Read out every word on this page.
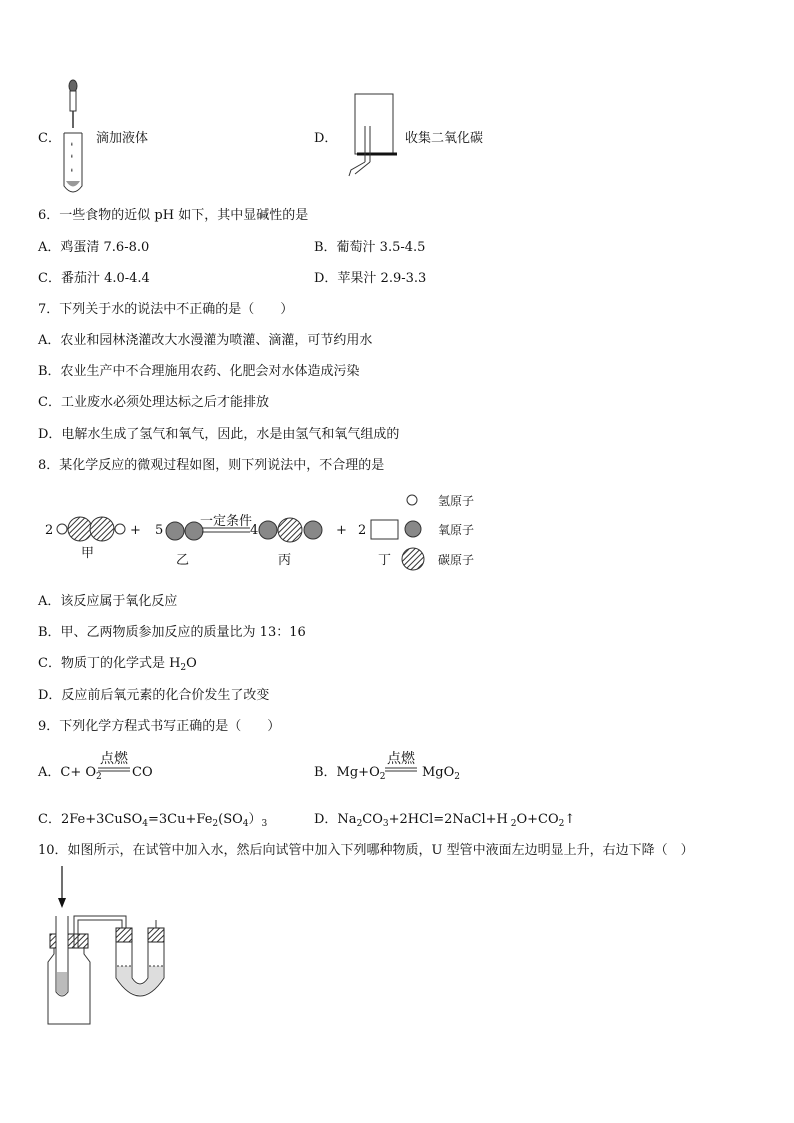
C．	滴加液体	D．	收集二氧化碳
6．一些食物的近似 pH 如下，其中显碱性的是
A．鸡蛋清 7.6-8.0	B．葡萄汁 3.5-4.5
C．番茄汁 4.0-4.4	D．苹果汁 2.9-3.3
7．下列关于水的说法中不正确的是（　　）
A．农业和园林浇灌改大水漫灌为喷灌、滴灌，可节约用水
B．农业生产中不合理施用农药、化肥会对水体造成污染
C．工业废水必须处理达标之后才能排放
D．电解水生成了氢气和氧气，因此，水是由氢气和氧气组成的
8．某化学反应的微观过程如图，则下列说法中，不合理的是
2
甲
+ 5
乙
一定条件
4
丙
+ 2
丁
氢原子
氧原子
碳原子
A．该反应属于氧化反应
B．甲、乙两物质参加反应的质量比为 13：16
C．物质丁的化学式是 $H_2O$
D．反应前后氧元素的化合价发生了改变
9．下列化学方程式书写正确的是（　　）
A．$C+ O_2$
点燃
CO	B．$Mg+O_2$
点燃
MgO$_2$
C．$2Fe+3CuSO_4=3Cu+Fe_2(SO_4)_3$	D．$Na_2CO_3+2HCl=2NaCl+H$ $_2O+CO_2↑$
10．如图所示，在试管中加入水，然后向试管中加入下列哪种物质，U 型管中液面左边明显上升，右边下降（　）
